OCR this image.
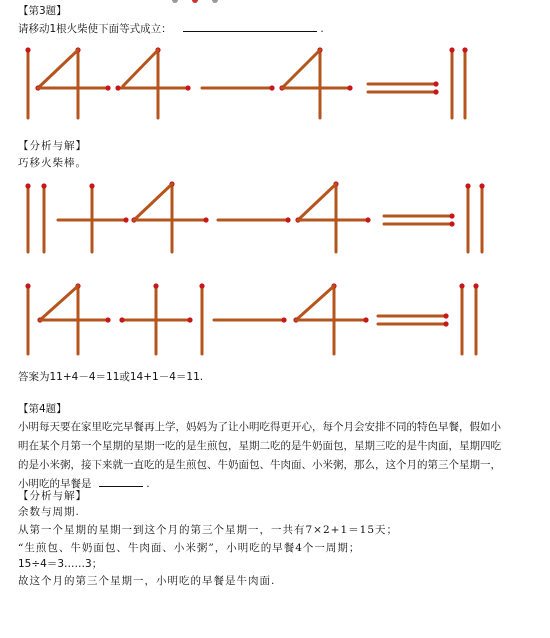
【第3题】
请移动1根火柴使下面等式成立：	.
【分析与解】
巧移火柴棒。
答案为11+4－4＝11或14+1－4＝11.
【第4题】
小明每天要在家里吃完早餐再上学，妈妈为了让小明吃得更开心，每个月会安排不同的特色早餐，假如小
明在某个月第一个星期的星期一吃的是生煎包，星期二吃的是牛奶面包，星期三吃的是牛肉面，星期四吃
的是小米粥，接下来就一直吃的是生煎包、牛奶面包、牛肉面、小米粥，那么，这个月的第三个星期一，
小明吃的早餐是	.
【分析与解】
余数与周期.
从第一个星期的星期一到这个月的第三个星期一，一共有7×2+1＝15天；
“生煎包、牛奶面包、牛肉面、小米粥”，小明吃的早餐4个一周期；
15÷4＝3……3；
故这个月的第三个星期一，小明吃的早餐是牛肉面.
